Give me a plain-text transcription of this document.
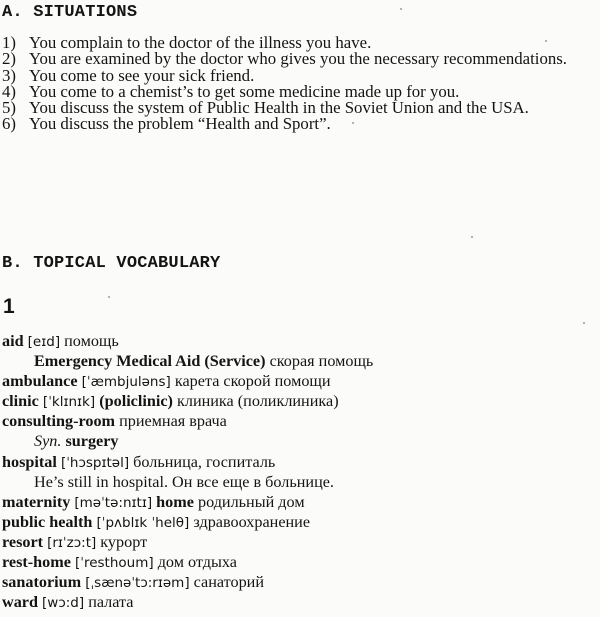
A. SITUATIONS
1) You complain to the doctor of the illness you have.
2) You are examined by the doctor who gives you the necessary recommendations.
3) You come to see your sick friend.
4) You come to a chemist’s to get some medicine made up for you.
5) You discuss the system of Public Health in the Soviet Union and the USA.
6) You discuss the problem “Health and Sport”.
B. TOPICAL VOCABULARY
1
aid [eɪd] помощь
Emergency Medical Aid (Service) скорая помощь
ambulance [ˈæmbjuləns] карета скорой помощи
clinic [ˈklɪnɪk] (policlinic) клиника (поликлиника)
consulting-room приемная врача
Syn. surgery
hospital [ˈhɔspɪtəl] больница, госпиталь
He’s still in hospital. Он все еще в больнице.
maternity [məˈtə:nɪtɪ] home родильный дом
public health [ˈpʌblɪk ˈhelθ] здравоохранение
resort [rɪˈzɔ:t] курорт
rest-home [ˈresthoum] дом отдыха
sanatorium [ˌsænəˈtɔ:rɪəm] санаторий
ward [wɔ:d] палата
